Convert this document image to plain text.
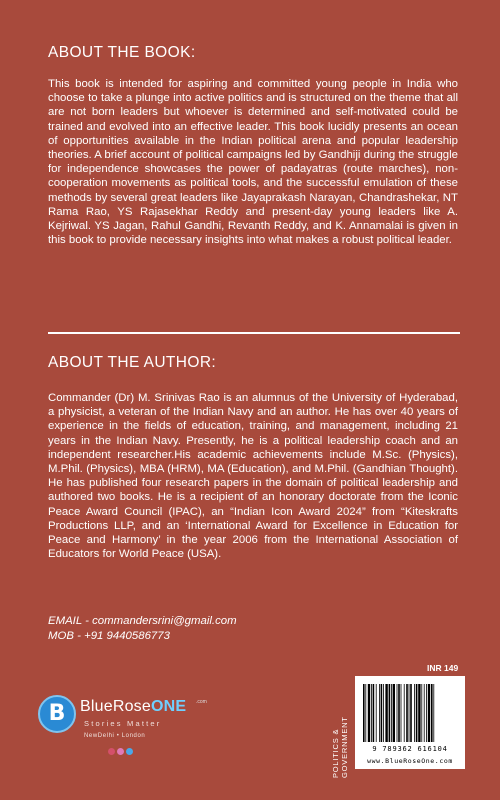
ABOUT THE BOOK:
This book is intended for aspiring and committed young people in India who choose to take a plunge into active politics and is structured on the theme that all are not born leaders but whoever is determined and self-motivated could be trained and evolved into an effective leader. This book lucidly presents an ocean of opportunities available in the Indian political arena and popular leadership theories. A brief account of political campaigns led by Gandhiji during the struggle for independence showcases the power of padayatras (route marches), non-cooperation movements as political tools, and the successful emulation of these methods by several great leaders like Jayaprakash Narayan, Chandrashekar, NT Rama Rao, YS Rajasekhar Reddy and present-day young leaders like A. Kejriwal. YS Jagan, Rahul Gandhi, Revanth Reddy, and K. Annamalai is given in this book to provide necessary insights into what makes a robust political leader.
ABOUT THE AUTHOR:
Commander (Dr) M. Srinivas Rao is an alumnus of the University of Hyderabad, a physicist, a veteran of the Indian Navy and an author. He has over 40 years of experience in the fields of education, training, and management, including 21 years in the Indian Navy. Presently, he is a political leadership coach and an independent researcher.His academic achievements include M.Sc. (Physics), M.Phil. (Physics), MBA (HRM), MA (Education), and M.Phil. (Gandhian Thought). He has published four research papers in the domain of political leadership and authored two books. He is a recipient of an honorary doctorate from the Iconic Peace Award Council (IPAC), an “Indian Icon Award 2024” from “Kiteskrafts Productions LLP, and an ‘International Award for Excellence in Education for Peace and Harmony’ in the year 2006 from the International Association of Educators for World Peace (USA).
EMAIL - commandersrini@gmail.com
MOB - +91 9440586773
B BlueRoseONE .com
Stories Matter
NewDelhi • London
INR 149
POLITICS & GOVERNMENT	9 789362 616104
www.BlueRoseOne.com
